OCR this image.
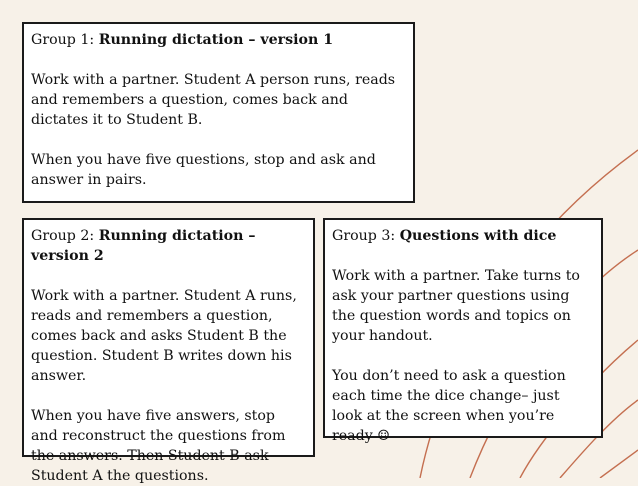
Group 1: Running dictation – version 1

Work with a partner. Student A person runs, reads and remembers a question, comes back and dictates it to Student B.

When you have five questions, stop and ask and answer in pairs.

Group 2: Running dictation – version 2

Work with a partner. Student A runs, reads and remembers a question, comes back and asks Student B the question. Student B writes down his answer.

When you have five answers, stop and reconstruct the questions from the answers. Then Student B ask Student A the questions.

Group 3: Questions with dice

Work with a partner. Take turns to ask your partner questions using the question words and topics on your handout.

You don’t need to ask a question each time the dice change– just look at the screen when you’re ready ☺
